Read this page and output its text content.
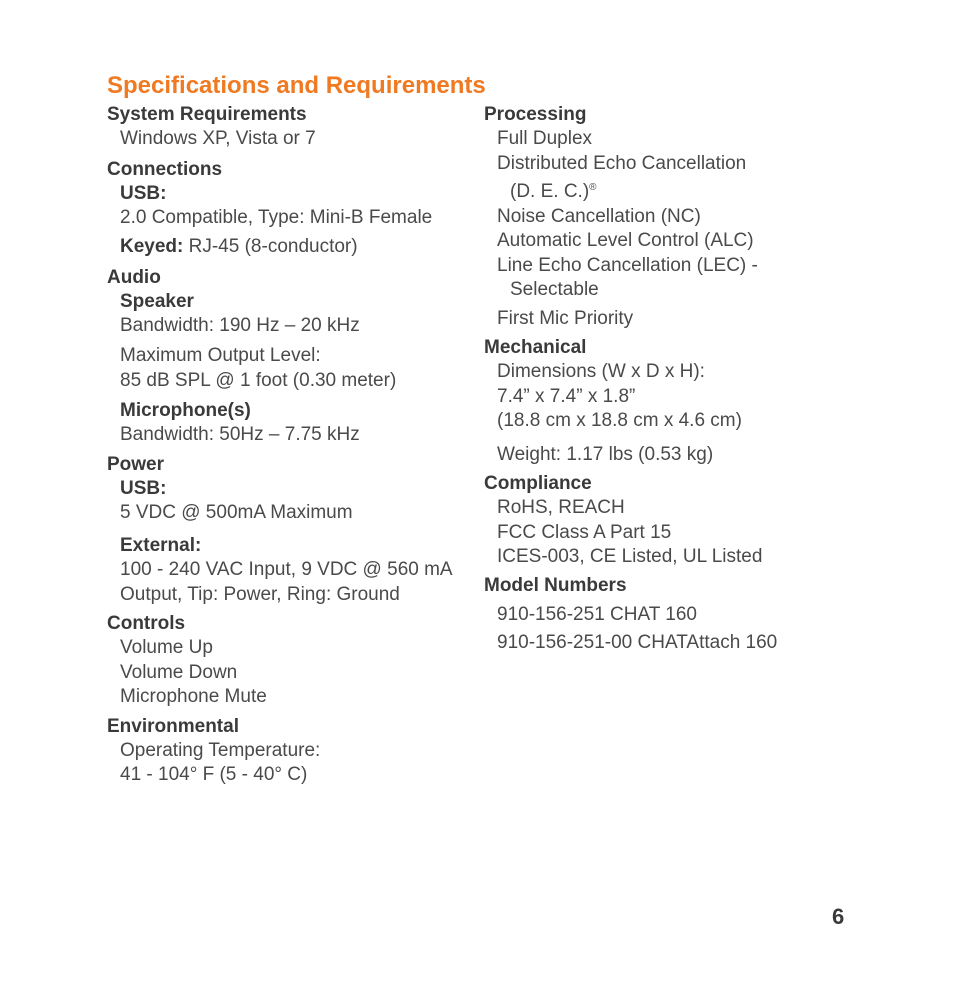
Specifications and Requirements
System Requirements
Windows XP, Vista or 7
Connections
USB:
2.0 Compatible, Type: Mini-B Female
Keyed: RJ-45 (8-conductor)
Audio
Speaker
Bandwidth: 190 Hz – 20 kHz
Maximum Output Level:
85 dB SPL @ 1 foot (0.30 meter)
Microphone(s)
Bandwidth: 50Hz – 7.75 kHz
Power
USB:
5 VDC @ 500mA Maximum
External:
100 - 240 VAC Input, 9 VDC @ 560 mA
Output, Tip: Power, Ring: Ground
Controls
Volume Up
Volume Down
Microphone Mute
Environmental
Operating Temperature:
41 - 104° F (5 - 40° C)
Processing
Full Duplex
Distributed Echo Cancellation
(D. E. C.)®
Noise Cancellation (NC)
Automatic Level Control (ALC)
Line Echo Cancellation (LEC) -
Selectable
First Mic Priority
Mechanical
Dimensions (W x D x H):
7.4” x 7.4” x 1.8”
(18.8 cm x 18.8 cm x 4.6 cm)
Weight: 1.17 lbs (0.53 kg)
Compliance
RoHS, REACH
FCC Class A Part 15
ICES-003, CE Listed, UL Listed
Model Numbers
910-156-251 CHAT 160
910-156-251-00 CHATAttach 160
6
